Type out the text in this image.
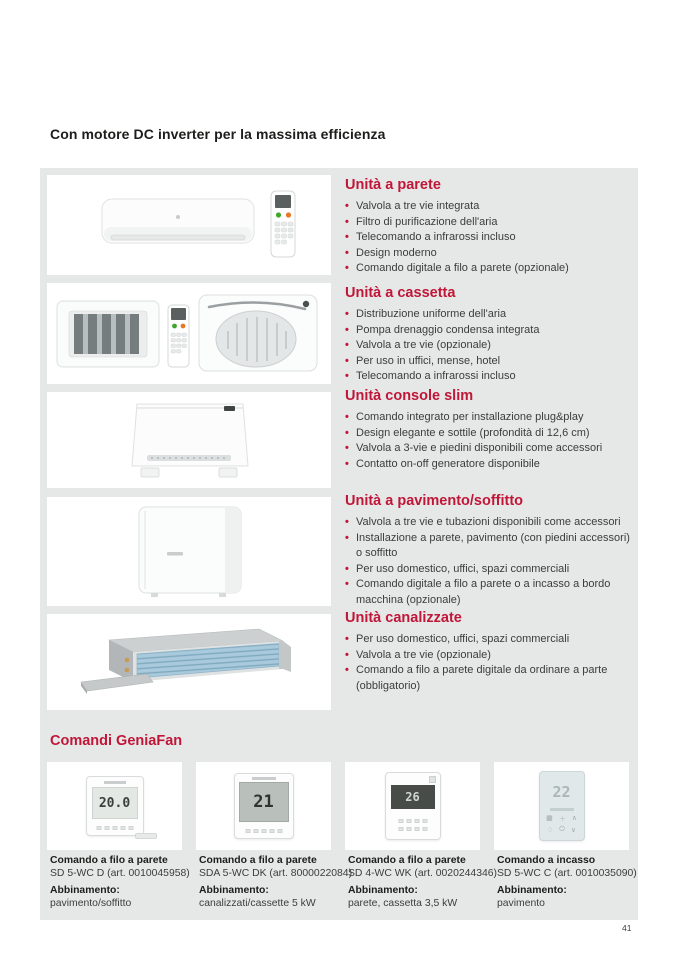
Con motore DC inverter per la massima efficienza
Unità a parete
• Valvola a tre vie integrata
• Filtro di purificazione dell'aria
• Telecomando a infrarossi incluso
• Design moderno
• Comando digitale a filo a parete (opzionale)
Unità a cassetta
• Distribuzione uniforme dell'aria
• Pompa drenaggio condensa integrata
• Valvola a tre vie (opzionale)
• Per uso in uffici, mense, hotel
• Telecomando a infrarossi incluso
Unità console slim
• Comando integrato per installazione plug&play
• Design elegante e sottile (profondità di 12,6 cm)
• Valvola a 3-vie e piedini disponibili come accessori
• Contatto on-off generatore disponibile
Unità a pavimento/soffitto
• Valvola a tre vie e tubazioni disponibili come accessori
• Installazione a parete, pavimento (con piedini accessori) o soffitto
• Per uso domestico, uffici, spazi commerciali
• Comando digitale a filo a parete o a incasso a bordo macchina (opzionale)
Unità canalizzate
• Per uso domestico, uffici, spazi commerciali
• Valvola a tre vie (opzionale)
• Comando a filo a parete digitale da ordinare a parte (obbligatorio)
Comandi GeniaFan
20.0	21	26	22
▦ ＋ ∧
♢ ⏻ ∨
Comando a filo a parete
SD 5-WC D (art. 0010045958)
Abbinamento:
pavimento/soffitto
Comando a filo a parete
SDA 5-WC DK (art. 8000022084)
Abbinamento:
canalizzati/cassette 5 kW
Comando a filo a parete
SD 4-WC WK (art. 0020244346)
Abbinamento:
parete, cassetta 3,5 kW
Comando a incasso
SD 5-WC C (art. 0010035090)
Abbinamento:
pavimento
41
